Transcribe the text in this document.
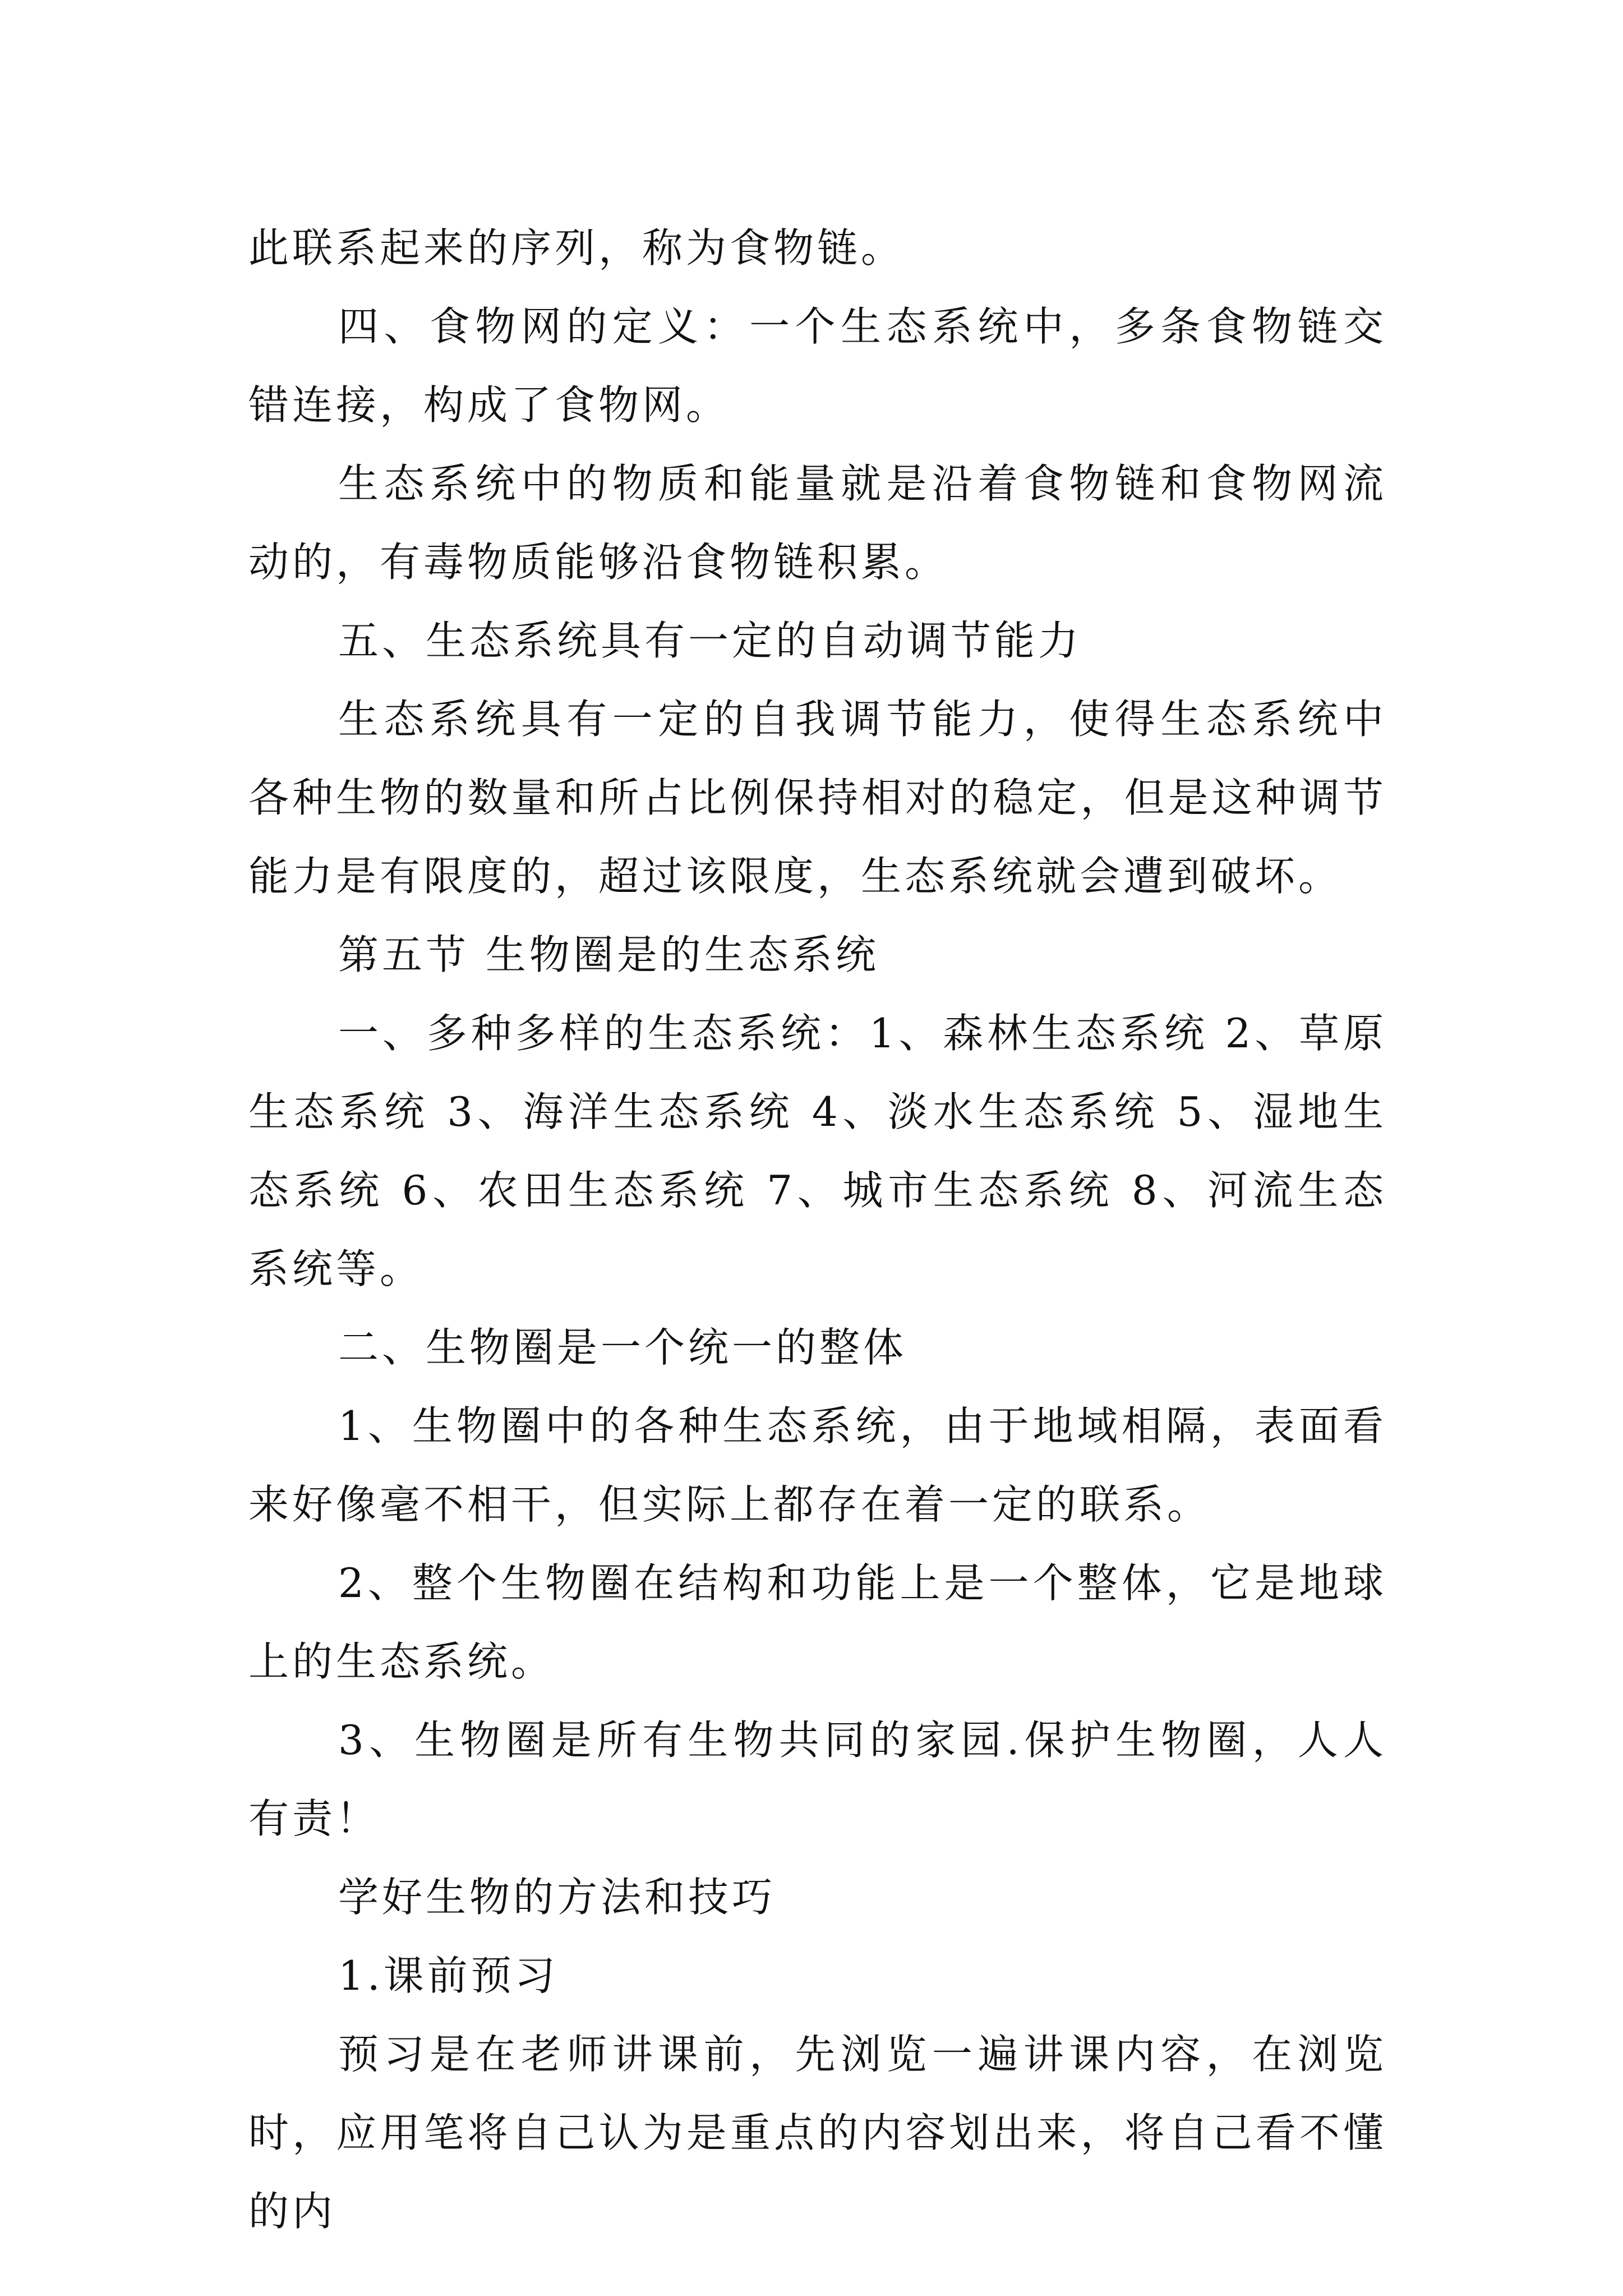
此联系起来的序列，称为食物链。

四、食物网的定义：一个生态系统中，多条食物链交错连接，构成了食物网。

生态系统中的物质和能量就是沿着食物链和食物网流动的，有毒物质能够沿食物链积累。

五、生态系统具有一定的自动调节能力

生态系统具有一定的自我调节能力，使得生态系统中各种生物的数量和所占比例保持相对的稳定，但是这种调节能力是有限度的，超过该限度，生态系统就会遭到破坏。

第五节 生物圈是的生态系统

一、多种多样的生态系统：1、森林生态系统 2、草原生态系统 3、海洋生态系统 4、淡水生态系统 5、湿地生态系统 6、农田生态系统 7、城市生态系统 8、河流生态系统等。

二、生物圈是一个统一的整体

1、生物圈中的各种生态系统，由于地域相隔，表面看来好像毫不相干，但实际上都存在着一定的联系。

2、整个生物圈在结构和功能上是一个整体，它是地球上的生态系统。

3、生物圈是所有生物共同的家园.保护生物圈，人人有责！

学好生物的方法和技巧

1.课前预习

预习是在老师讲课前，先浏览一遍讲课内容，在浏览时，应用笔将自己认为是重点的内容划出来，将自己看不懂的内
